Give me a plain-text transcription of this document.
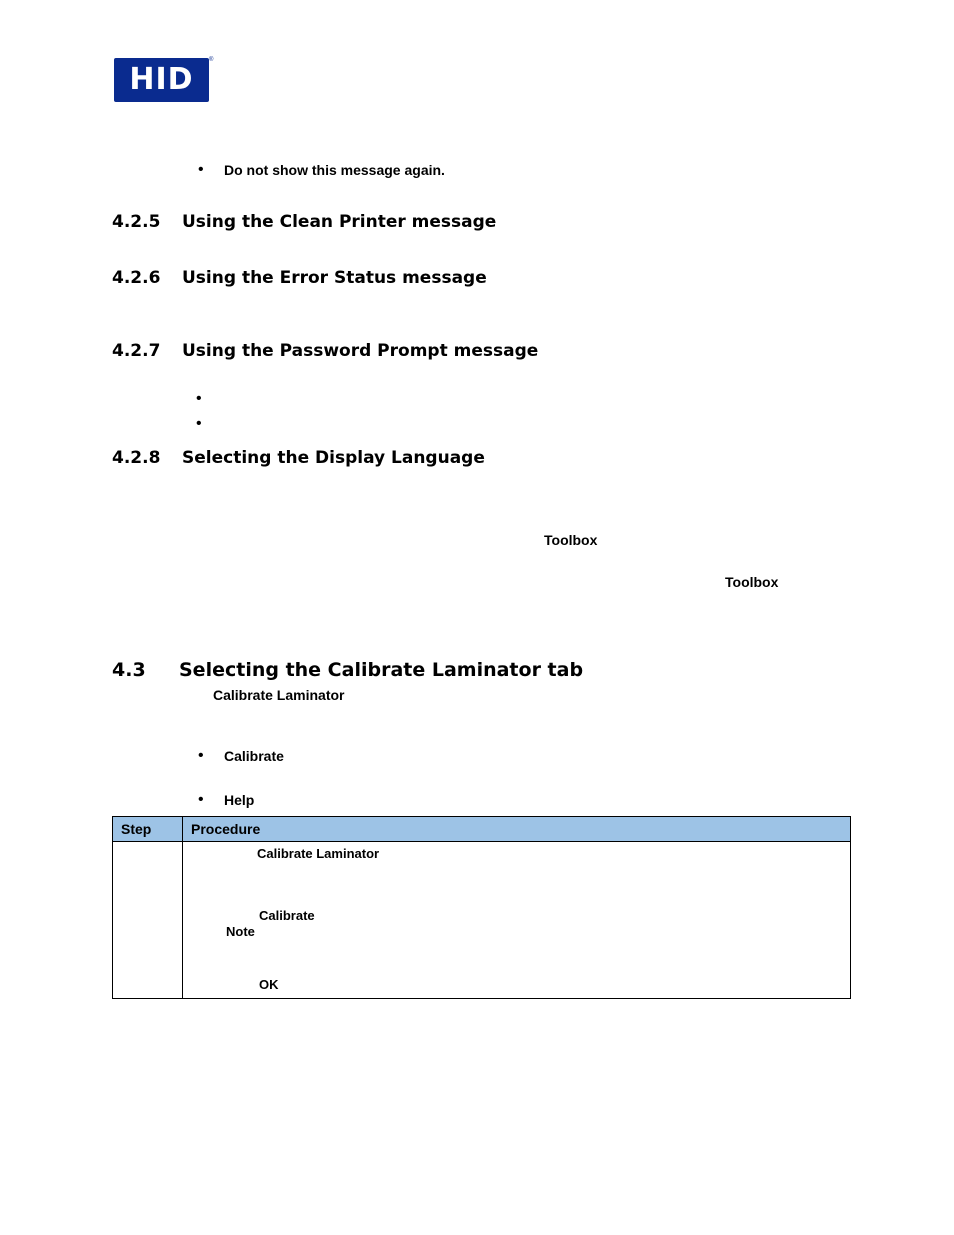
HID
®
• Do not show this message again.
4.2.5 Using the Clean Printer message
4.2.6 Using the Error Status message
4.2.7 Using the Password Prompt message
•
•
4.2.8 Selecting the Display Language
Toolbox
Toolbox
4.3 Selecting the Calibrate Laminator tab
Calibrate Laminator
• Calibrate
• Help
Step	Procedure
Calibrate Laminator
Calibrate
Note
OK
